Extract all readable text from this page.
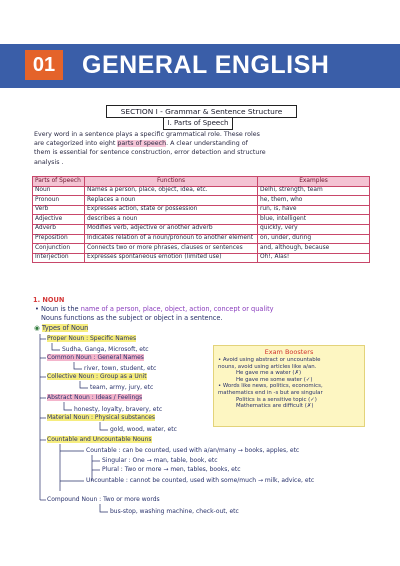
01	GENERAL ENGLISH
SECTION I - Grammar & Sentence Structure
I. Parts of Speech
Every word in a sentence plays a specific grammatical role. These roles
are categorized into eight parts of speech. A clear understanding of
them is essential for sentence construction, error detection and structure
analysis .
Parts of Speech	Functions	Examples
Noun	Names a person, place, object, idea, etc.	Delhi, strength, team
Pronoun	Replaces a noun	he, them, who
Verb	Expresses action, state or possession	run, is, have
Adjective	describes a noun	blue, intelligent
Adverb	Modifies verb, adjective or another adverb	quickly, very
Preposition	Indicates relation of a noun/pronoun to another element	on, under, during
Conjunction	Connects two or more phrases, clauses or sentences	and, although, because
Interjection	Expresses spontaneous emotion (limited use)	Oh!, Alas!
1. NOUN
• Noun is the name of a person, place, object, action, concept or quality
Nouns functions as the subject or object in a sentence.
◉ Types of Noun
Proper Noun : Specific Names
Sudha, Ganga, Microsoft, etc
Common Noun : General Names
river, town, student, etc
Collective Noun : Group as a Unit
team, army, jury, etc
Abstract Noun : Ideas / Feelings
honesty, loyalty, bravery, etc
Material Noun : Physical substances
gold, wood, water, etc
Countable and Uncountable Nouns
Countable : can be counted, used with a/an/many → books, apples, etc
Singular : One → man, table, book, etc
Plural : Two or more → men, tables, books, etc
Uncountable : cannot be counted, used with some/much → milk, advice, etc
Compound Noun : Two or more words
bus-stop, washing machine, check-out, etc
Exam Boosters
• Avoid using abstract or uncountable
nouns, avoid using articles like a/an.
He gave me a water (✗)
He gave me some water (✓)
• Words like news, politics, economics,
mathematics end in -s but are singular
Politics is a sensitive topic (✓)
Mathematics are difficult (✗)
